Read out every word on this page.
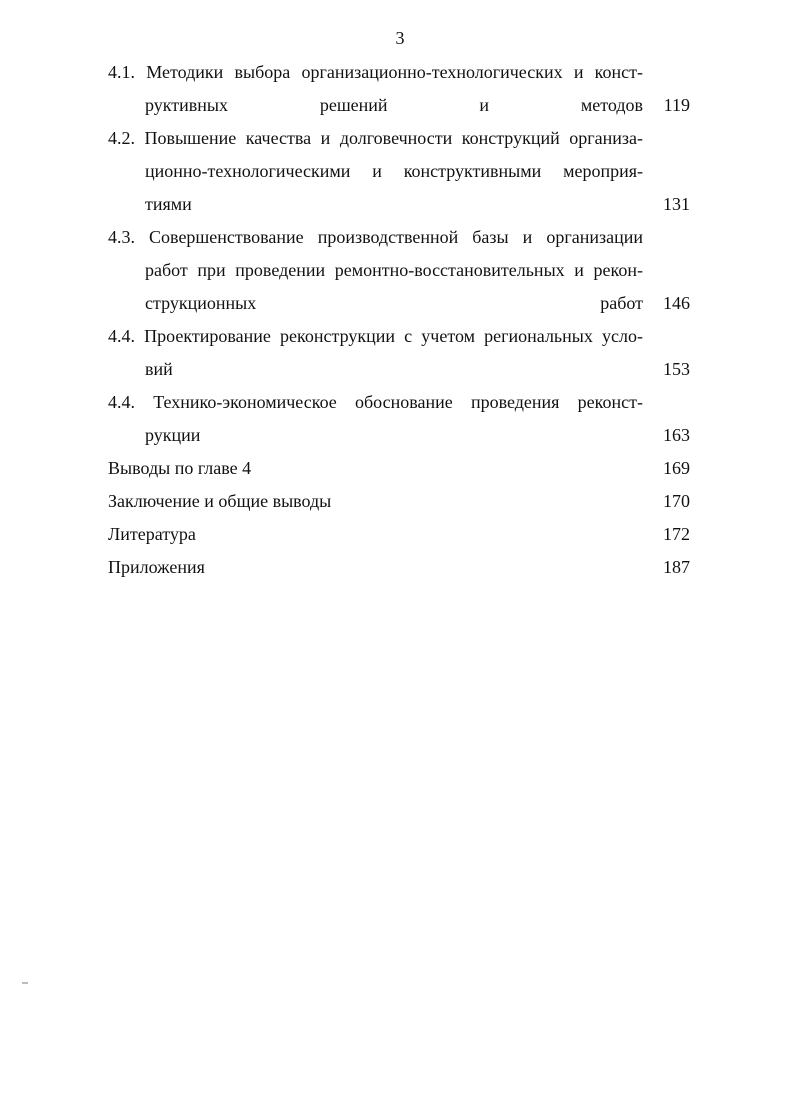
3
4.1. Методики выбора организационно-технологических и конст-
руктивных решений и методов 119
4.2. Повышение качества и долговечности конструкций организа-
ционно-технологическими и конструктивными мероприя-
тиями	131
4.3. Совершенствование производственной базы и организации
работ при проведении ремонтно-восстановительных и рекон-
струкционных работ 146
4.4. Проектирование реконструкции с учетом региональных усло-
вий	153
4.4. Технико-экономическое обоснование проведения реконст-
рукции	163
Выводы по главе 4	169
Заключение и общие выводы	170
Литература	172
Приложения	187
